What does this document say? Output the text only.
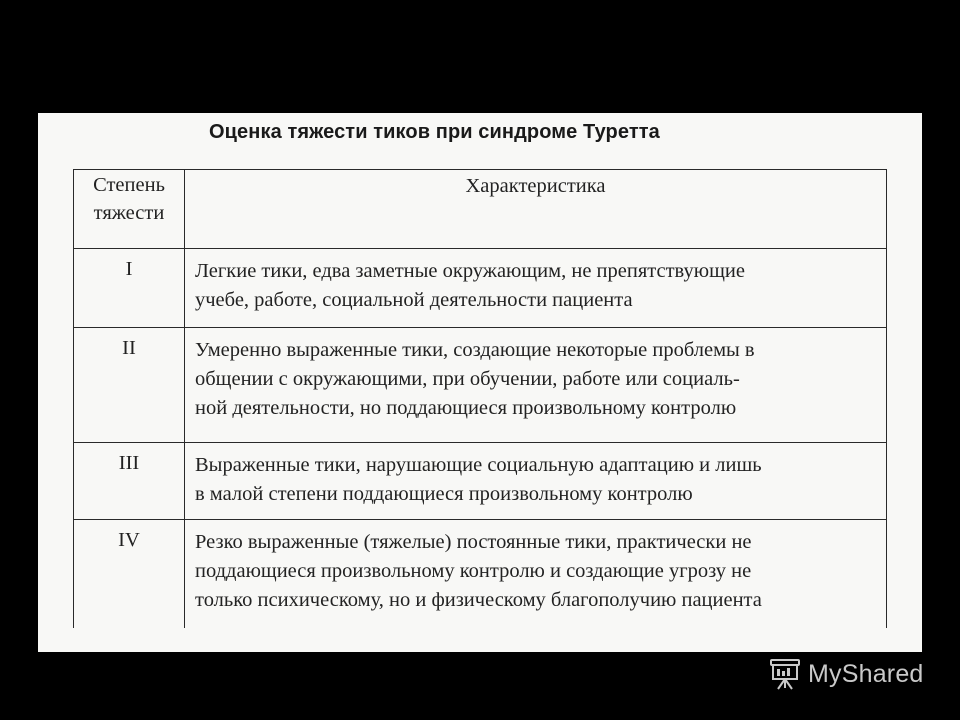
Оценка тяжести тиков при синдроме Туретта
Степень
тяжести	Характеристика
I	Легкие тики, едва заметные окружающим, не препятствующие
учебе, работе, социальной деятельности пациента

II	Умеренно выраженные тики, создающие некоторые проблемы в
общении с окружающими, при обучении, работе или социаль-
ной деятельности, но поддающиеся произвольному контролю

III	Выраженные тики, нарушающие социальную адаптацию и лишь
в малой степени поддающиеся произвольному контролю

IV	Резко выраженные (тяжелые) постоянные тики, практически не
поддающиеся произвольному контролю и создающие угрозу не
только психическому, но и физическому благополучию пациента
MyShared
